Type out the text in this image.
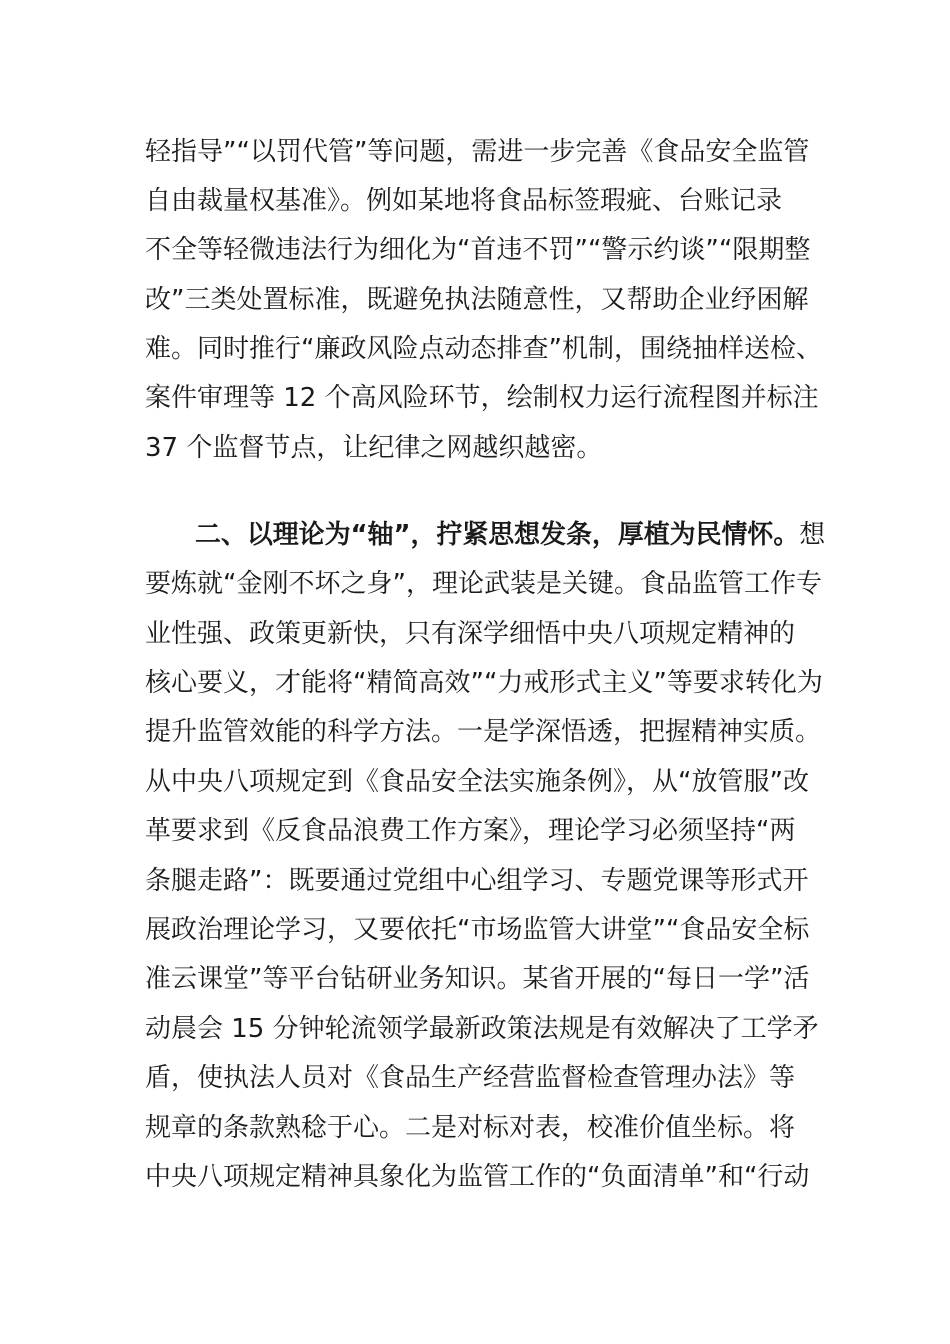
轻指导”“以罚代管”等问题，需进一步完善《食品安全监管
自由裁量权基准》。例如某地将食品标签瑕疵、台账记录
不全等轻微违法行为细化为“首违不罚”“警示约谈”“限期整
改”三类处置标准，既避免执法随意性，又帮助企业纾困解
难。同时推行“廉政风险点动态排查”机制，围绕抽样送检、
案件审理等 12 个高风险环节，绘制权力运行流程图并标注
37 个监督节点，让纪律之网越织越密。
二、以理论为“轴”，拧紧思想发条，厚植为民情怀。想
要炼就“金刚不坏之身”，理论武装是关键。食品监管工作专
业性强、政策更新快，只有深学细悟中央八项规定精神的
核心要义，才能将“精简高效”“力戒形式主义”等要求转化为
提升监管效能的科学方法。一是学深悟透，把握精神实质。
从中央八项规定到《食品安全法实施条例》，从“放管服”改
革要求到《反食品浪费工作方案》，理论学习必须坚持“两
条腿走路”：既要通过党组中心组学习、专题党课等形式开
展政治理论学习，又要依托“市场监管大讲堂”“食品安全标
准云课堂”等平台钻研业务知识。某省开展的“每日一学”活
动晨会 15 分钟轮流领学最新政策法规是有效解决了工学矛
盾，使执法人员对《食品生产经营监督检查管理办法》等
规章的条款熟稔于心。二是对标对表，校准价值坐标。将
中央八项规定精神具象化为监管工作的“负面清单”和“行动
